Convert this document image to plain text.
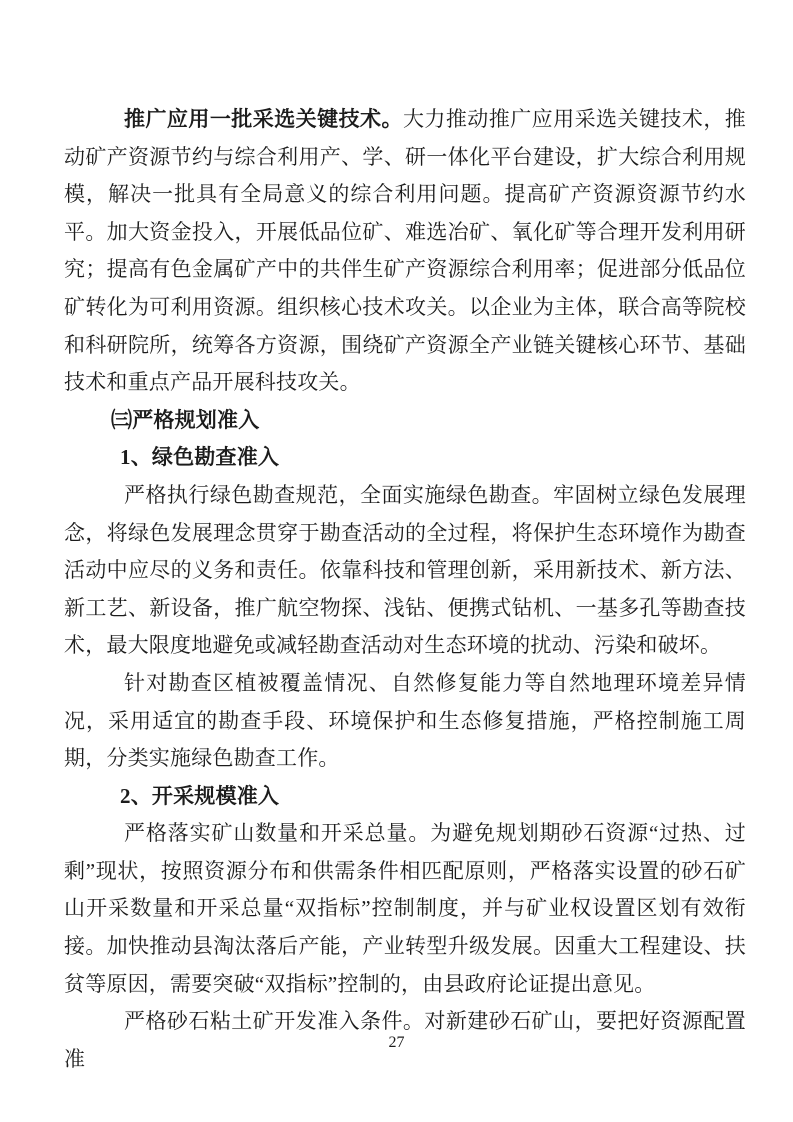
推广应用一批采选关键技术。大力推动推广应用采选关键技术，推动矿产资源节约与综合利用产、学、研一体化平台建设，扩大综合利用规模，解决一批具有全局意义的综合利用问题。提高矿产资源资源节约水平。加大资金投入，开展低品位矿、难选冶矿、氧化矿等合理开发利用研究；提高有色金属矿产中的共伴生矿产资源综合利用率；促进部分低品位矿转化为可利用资源。组织核心技术攻关。以企业为主体，联合高等院校和科研院所，统筹各方资源，围绕矿产资源全产业链关键核心环节、基础技术和重点产品开展科技攻关。

㈢严格规划准入
1、绿色勘查准入

严格执行绿色勘查规范，全面实施绿色勘查。牢固树立绿色发展理念，将绿色发展理念贯穿于勘查活动的全过程，将保护生态环境作为勘查活动中应尽的义务和责任。依靠科技和管理创新，采用新技术、新方法、新工艺、新设备，推广航空物探、浅钻、便携式钻机、一基多孔等勘查技术，最大限度地避免或减轻勘查活动对生态环境的扰动、污染和破坏。

针对勘查区植被覆盖情况、自然修复能力等自然地理环境差异情况，采用适宜的勘查手段、环境保护和生态修复措施，严格控制施工周期，分类实施绿色勘查工作。

2、开采规模准入

严格落实矿山数量和开采总量。为避免规划期砂石资源“过热、过剩”现状，按照资源分布和供需条件相匹配原则，严格落实设置的砂石矿山开采数量和开采总量“双指标”控制制度，并与矿业权设置区划有效衔接。加快推动县淘汰落后产能，产业转型升级发展。因重大工程建设、扶贫等原因，需要突破“双指标”控制的，由县政府论证提出意见。

严格砂石粘土矿开发准入条件。对新建砂石矿山，要把好资源配置准

27
